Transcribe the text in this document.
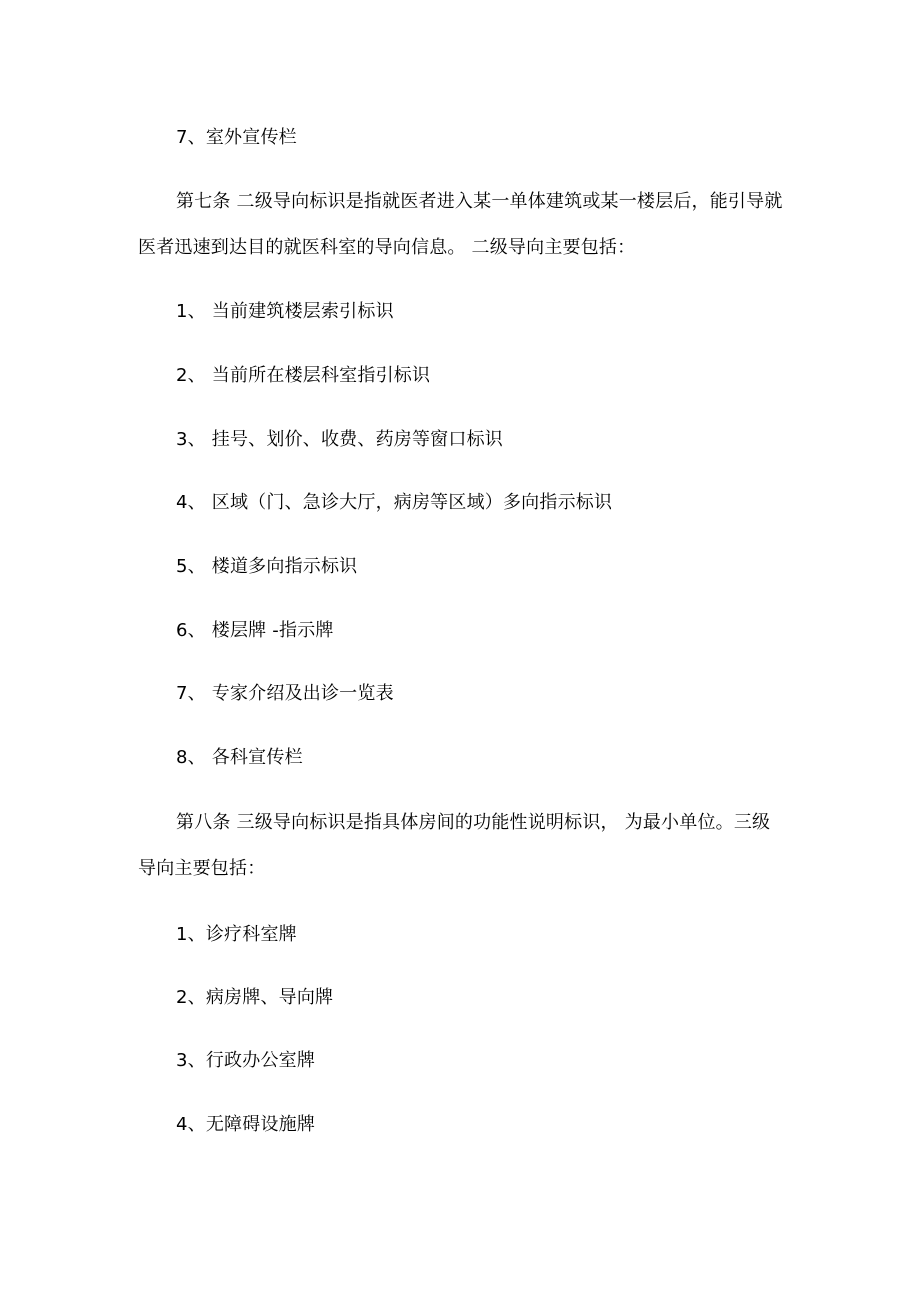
7、室外宣传栏
第七条 二级导向标识是指就医者进入某一单体建筑或某一楼层后，能引导就医者迅速到达目的就医科室的导向信息。 二级导向主要包括：
1、 当前建筑楼层索引标识
2、 当前所在楼层科室指引标识
3、 挂号、划价、收费、药房等窗口标识
4、 区域（门、急诊大厅，病房等区域）多向指示标识
5、 楼道多向指示标识
6、 楼层牌 -指示牌
7、 专家介绍及出诊一览表
8、 各科宣传栏
第八条 三级导向标识是指具体房间的功能性说明标识， 为最小单位。三级导向主要包括：
1、诊疗科室牌
2、病房牌、导向牌
3、行政办公室牌
4、无障碍设施牌
